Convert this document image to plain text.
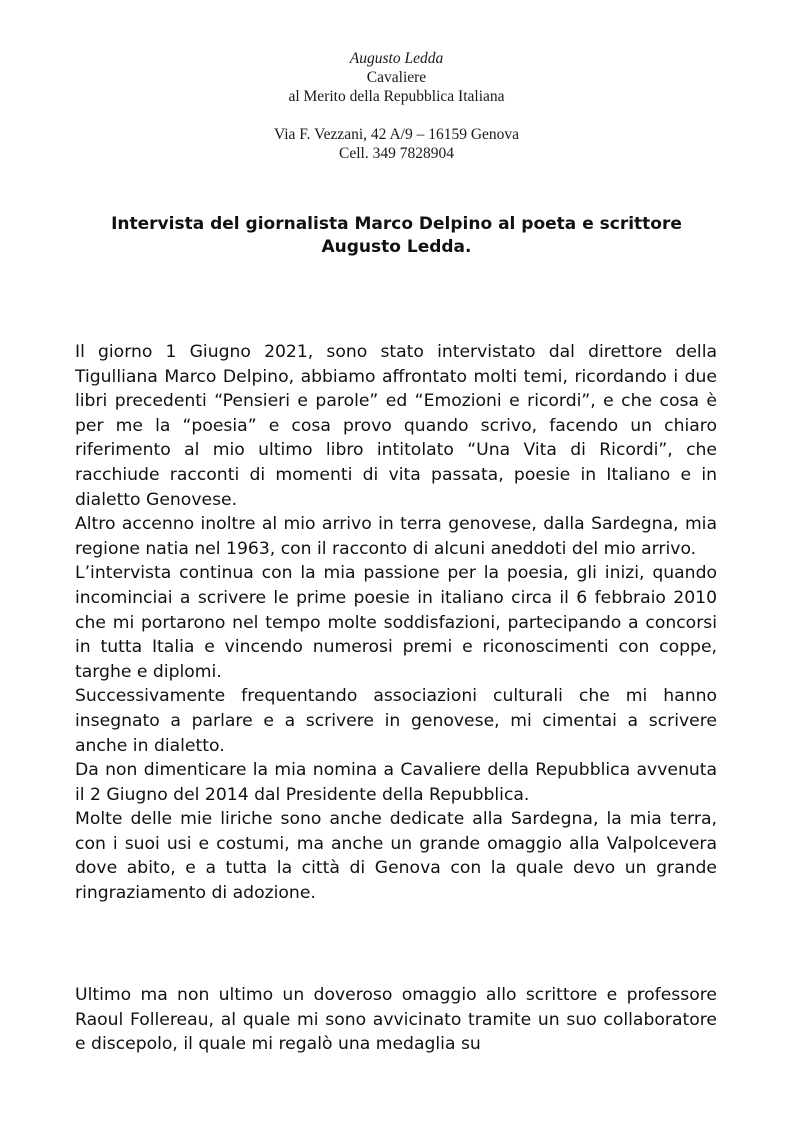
Augusto Ledda
Cavaliere
al Merito della Repubblica Italiana
Via F. Vezzani, 42 A/9 – 16159 Genova
Cell. 349 7828904
Intervista del giornalista Marco Delpino al poeta e scrittore
Augusto Ledda.

Il giorno 1 Giugno 2021, sono stato intervistato dal direttore della Tigulliana Marco Delpino, abbiamo affrontato molti temi, ricordando i due libri precedenti “Pensieri e parole” ed “Emozioni e ricordi”, e che cosa è per me la “poesia” e cosa provo quando scrivo, facendo un chiaro riferimento al mio ultimo libro intitolato “Una Vita di Ricordi”, che racchiude racconti di momenti di vita passata, poesie in Italiano e in dialetto Genovese.

Altro accenno inoltre al mio arrivo in terra genovese, dalla Sardegna, mia regione natia nel 1963, con il racconto di alcuni aneddoti del mio arrivo.

L’intervista continua con la mia passione per la poesia, gli inizi, quando incominciai a scrivere le prime poesie in italiano circa il 6 febbraio 2010 che mi portarono nel tempo molte soddisfazioni, partecipando a concorsi in tutta Italia e vincendo numerosi premi e riconoscimenti con coppe, targhe e diplomi.

Successivamente frequentando associazioni culturali che mi hanno insegnato a parlare e a scrivere in genovese, mi cimentai a scrivere anche in dialetto.

Da non dimenticare la mia nomina a Cavaliere della Repubblica avvenuta il 2 Giugno del 2014 dal Presidente della Repubblica.

Molte delle mie liriche sono anche dedicate alla Sardegna, la mia terra, con i suoi usi e costumi, ma anche un grande omaggio alla Valpolcevera dove abito, e a tutta la città di Genova con la quale devo un grande ringraziamento di adozione.

Ultimo ma non ultimo un doveroso omaggio allo scrittore e professore Raoul Follereau, al quale mi sono avvicinato tramite un suo collaboratore e discepolo, il quale mi regalò una medaglia su
